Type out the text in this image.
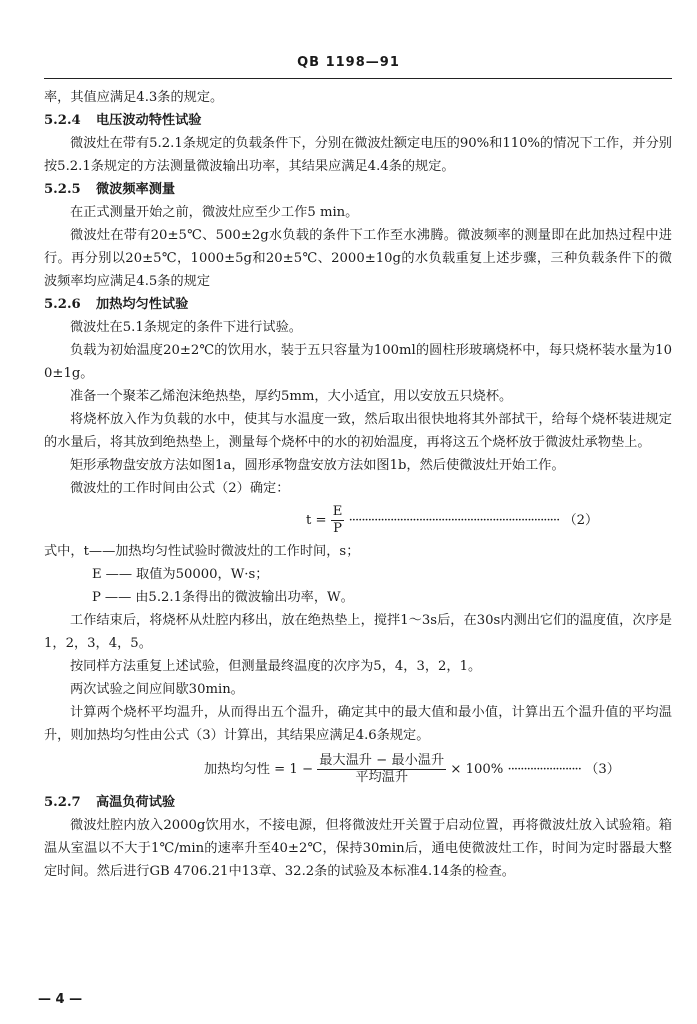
QB 1198—91

率，其值应满足4.3条的规定。

5.2.4 电压波动特性试验

微波灶在带有5.2.1条规定的负载条件下，分别在微波灶额定电压的90%和110%的情况下工作，并分别按5.2.1条规定的方法测量微波输出功率，其结果应满足4.4条的规定。

5.2.5 微波频率测量

在正式测量开始之前，微波灶应至少工作5 min。

微波灶在带有20±5℃、500±2g水负载的条件下工作至水沸腾。微波频率的测量即在此加热过程中进行。再分别以20±5℃，1000±5g和20±5℃、2000±10g的水负载重复上述步骤，三种负载条件下的微波频率均应满足4.5条的规定

5.2.6 加热均匀性试验

微波灶在5.1条规定的条件下进行试验。

负载为初始温度20±2℃的饮用水，装于五只容量为100ml的圆柱形玻璃烧杯中，每只烧杯装水量为100±1g。

准备一个聚苯乙烯泡沫绝热垫，厚约5mm，大小适宜，用以安放五只烧杯。

将烧杯放入作为负载的水中，使其与水温度一致，然后取出很快地将其外部拭干，给每个烧杯装进规定的水量后，将其放到绝热垫上，测量每个烧杯中的水的初始温度，再将这五个烧杯放于微波灶承物垫上。

矩形承物盘安放方法如图1a，圆形承物盘安放方法如图1b，然后使微波灶开始工作。

微波灶的工作时间由公式（2）确定：

$t = \frac{E}{P}$ ·································································· （2）

式中，t——加热均匀性试验时微波灶的工作时间，s；

E —— 取值为50000，W·s；

P —— 由5.2.1条得出的微波输出功率，W。

工作结束后，将烧杯从灶腔内移出，放在绝热垫上，搅拌1～3s后，在30s内测出它们的温度值，次序是1，2，3，4，5。

按同样方法重复上述试验，但测量最终温度的次序为5，4，3，2，1。

两次试验之间应间歇30min。

计算两个烧杯平均温升，从而得出五个温升，确定其中的最大值和最小值，计算出五个温升值的平均温升，则加热均匀性由公式（3）计算出，其结果应满足4.6条规定。

加热均匀性 = $1 - \frac{\text{最大温升 − 最小温升}}{\text{平均温升}} \times 100\%$ ······················· （3）

5.2.7 高温负荷试验

微波灶腔内放入2000g饮用水，不接电源，但将微波灶开关置于启动位置，再将微波灶放入试验箱。箱温从室温以不大于1℃/min的速率升至40±2℃，保持30min后，通电使微波灶工作，时间为定时器最大整定时间。然后进行GB 4706.21中13章、32.2条的试验及本标准4.14条的检查。

— 4 —
